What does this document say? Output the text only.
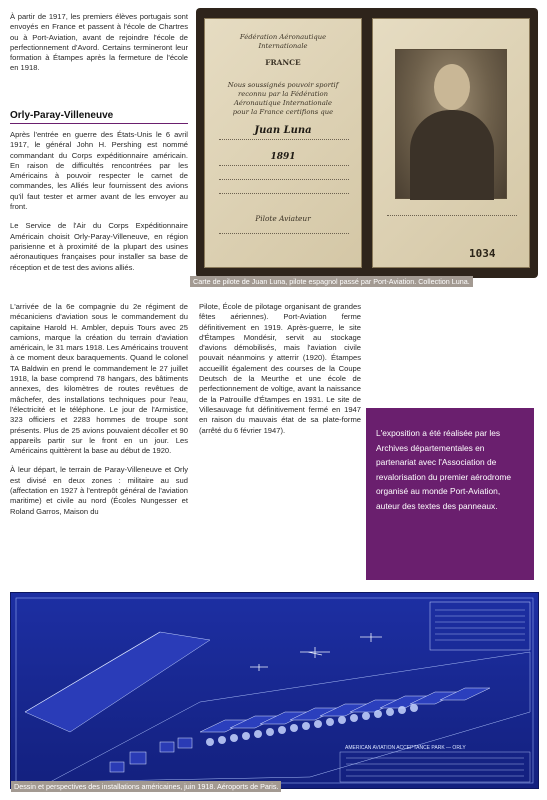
À partir de 1917, les premiers élèves portugais sont envoyés en France et passent à l'école de Chartres ou à Port-Aviation, avant de rejoindre l'école de perfectionnement d'Avord. Certains termineront leur formation à Étampes après la fermeture de l'école en 1918.

Orly-Paray-Villeneuve

Après l'entrée en guerre des États-Unis le 6 avril 1917, le général John H. Pershing est nommé commandant du Corps expéditionnaire américain. En raison de difficultés rencontrées par les Américains à pouvoir respecter le carnet de commandes, les Alliés leur fournissent des avions qu'il faut tester et armer avant de les envoyer au front.

Le Service de l'Air du Corps Expéditionnaire Américain choisit Orly-Paray-Villeneuve, en région parisienne et à proximité de la plupart des usines aéronautiques françaises pour installer sa base de réception et de test des avions alliés.

L'arrivée de la 6e compagnie du 2e régiment de mécaniciens d'aviation sous le commandement du capitaine Harold H. Ambler, depuis Tours avec 25 camions, marque la création du terrain d'aviation américain, le 31 mars 1918. Les Américains trouvent à ce moment deux baraquements. Quand le colonel TA Baldwin en prend le commandement le 27 juillet 1918, la base comprend 78 hangars, des bâtiments annexes, des kilomètres de routes revêtues de mâchefer, des installations techniques pour l'eau, l'électricité et le téléphone. Le jour de l'Armistice, 323 officiers et 2283 hommes de troupe sont présents. Plus de 25 avions pouvaient décoller et 90 appareils partir sur le front en un jour. Les Américains quittèrent la base au début de 1920.

À leur départ, le terrain de Paray-Villeneuve et Orly est divisé en deux zones : militaire au sud (affectation en 1927 à l'entrepôt général de l'aviation maritime) et civile au nord (Écoles Nungesser et Roland Garros, Maison du

Pilote, École de pilotage organisant de grandes fêtes aériennes). Port-Aviation ferme définitivement en 1919. Après-guerre, le site d'Étampes Mondésir, servit au stockage d'avions démobilisés, mais l'aviation civile pouvait néanmoins y atterrir (1920). Étampes accueillit également des courses de la Coupe Deutsch de la Meurthe et une école de perfectionnement de voltige, avant la naissance de la Patrouille d'Étampes en 1931. Le site de Villesauvage fut définitivement fermé en 1947 en raison du mauvais état de sa plate-forme (arrêté du 6 février 1947).

Fédération Aéronautique
Internationale
FRANCE
Nous soussignés pouvoir sportif
reconnu par la Fédération
Aéronautique Internationale
pour la France certifions que
Juan Luna
1891
Pilote Aviateur
1034
Carte de pilote de Juan Luna, pilote espagnol passé par Port-Aviation. Collection Luna.
L'exposition a été réalisée par les Archives départementales en partenariat avec l'Association de revalorisation du premier aérodrome organisé au monde Port-Aviation, auteur des textes des panneaux.
AMERICAN AVIATION ACCEPTANCE PARK — ORLY
Dessin et perspectives des installations américaines, juin 1918. Aéroports de Paris.
